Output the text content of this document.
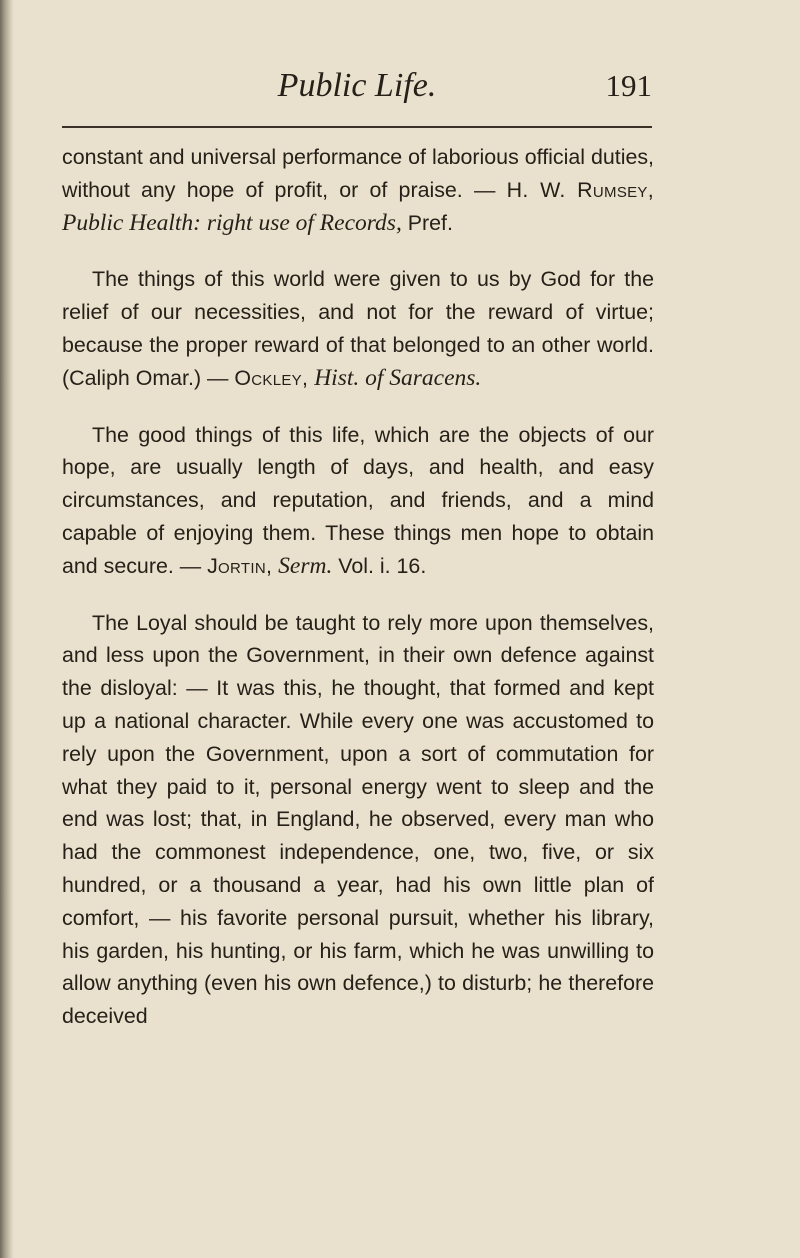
Public Life.	191

constant and universal performance of laborious official duties, without any hope of profit, or of praise. — H. W. Rumsey, Public Health: right use of Records, Pref.

The things of this world were given to us by God for the relief of our necessities, and not for the reward of virtue; because the proper reward of that belonged to an other world. (Caliph Omar.) — Ockley, Hist. of Saracens.

The good things of this life, which are the objects of our hope, are usually length of days, and health, and easy circumstances, and reputation, and friends, and a mind capable of enjoying them. These things men hope to obtain and secure. — Jortin, Serm. Vol. i. 16.

The Loyal should be taught to rely more upon themselves, and less upon the Government, in their own defence against the disloyal: — It was this, he thought, that formed and kept up a national character. While every one was accustomed to rely upon the Government, upon a sort of commutation for what they paid to it, personal energy went to sleep and the end was lost; that, in England, he observed, every man who had the commonest independence, one, two, five, or six hundred, or a thousand a year, had his own little plan of comfort, — his favorite personal pursuit, whether his library, his garden, his hunting, or his farm, which he was unwilling to allow anything (even his own defence,) to disturb; he therefore deceived
